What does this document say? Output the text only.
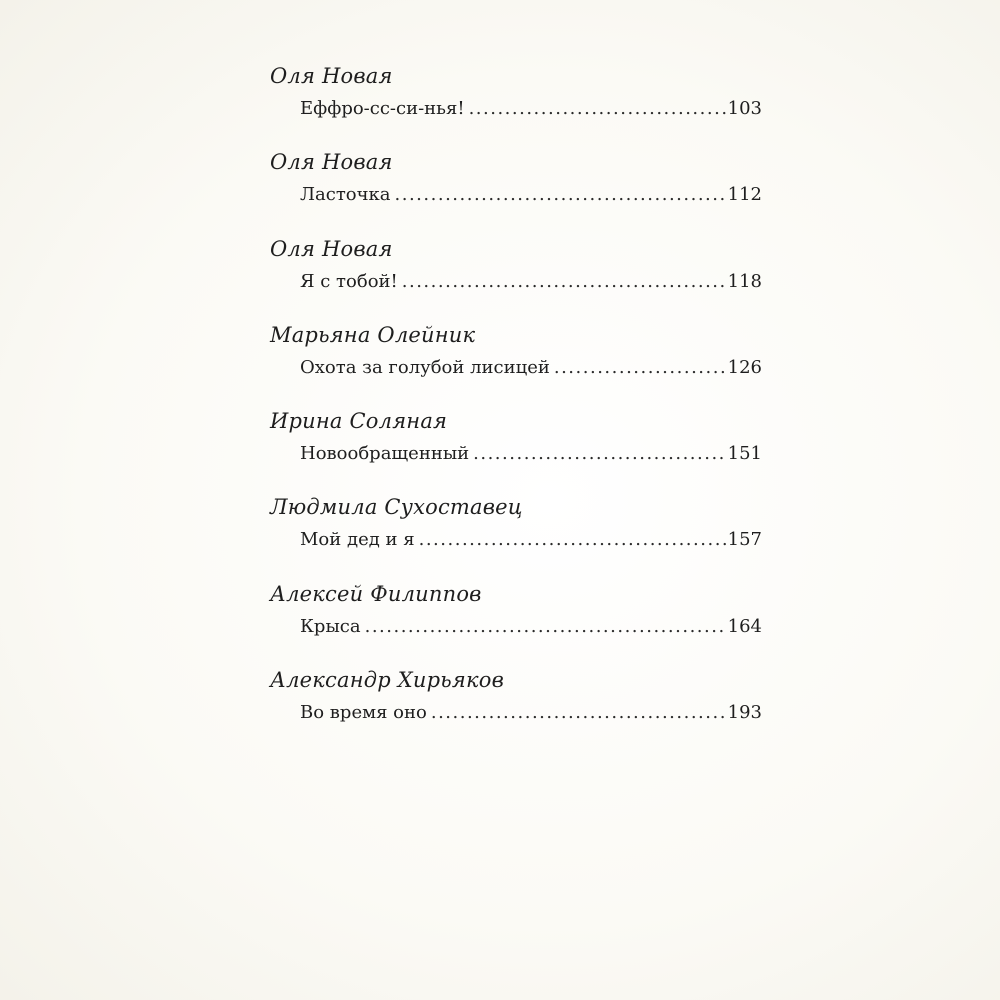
Оля Новая
Еффро-сс-си-нья! .....	103
Оля Новая
Ласточка .....	112
Оля Новая
Я с тобой! .....	118
Марьяна Олейник
Охота за голубой лисицей .....	126
Ирина Соляная
Новообращенный .....	151
Людмила Сухоставец
Мой дед и я .....	157
Алексей Филиппов
Крыса .....	164
Александр Хирьяков
Во время оно .....	193
